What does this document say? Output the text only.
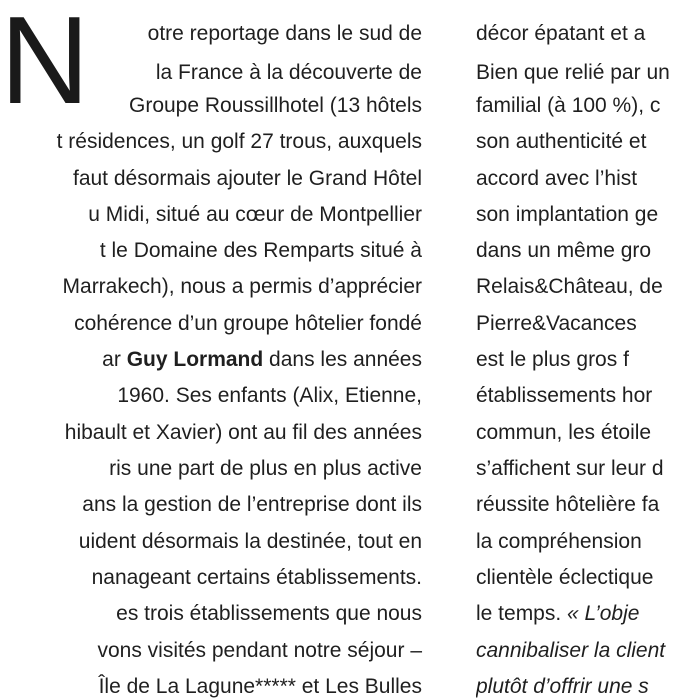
N	otre reportage dans le sud de
la France à la découverte de
Groupe Roussillhotel (13 hôtels
t résidences, un golf 27 trous, auxquels
faut désormais ajouter le Grand Hôtel
u Midi, situé au cœur de Montpellier
t le Domaine des Remparts situé à
Marrakech), nous a permis d’apprécier
cohérence d’un groupe hôtelier fondé
ar Guy Lormand dans les années
1960. Ses enfants (Alix, Etienne,
hibault et Xavier) ont au fil des années
ris une part de plus en plus active
ans la gestion de l’entreprise dont ils
uident désormais la destinée, tout en
nanageant certains établissements.
es trois établissements que nous
vons visités pendant notre séjour –
Île de La Lagune***** et Les Bulles
décor épatant et a
Bien que relié par un
familial (à 100 %), c
son authenticité et
accord avec l’hist
son implantation ge
dans un même gro
Relais&Château, de
Pierre&Vacances
est le plus gros f
établissements hor
commun, les étoile
s’affichent sur leur d
réussite hôtelière fa
la compréhension
clientèle éclectique
le temps. « L’obje
cannibaliser la client
plutôt d’offrir une s
